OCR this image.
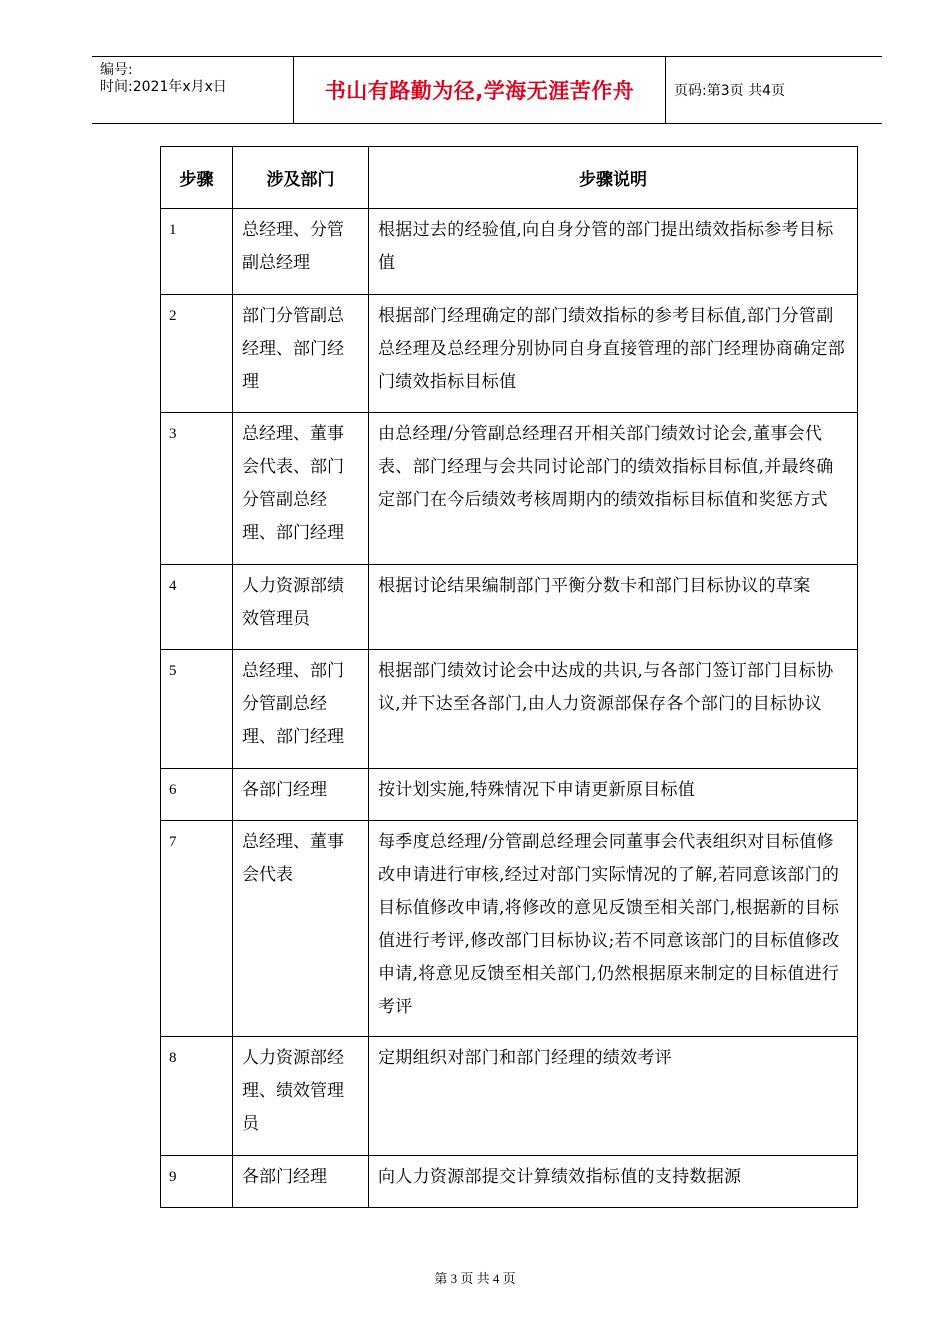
编号:
时间:2021年x月x日	书山有路勤为径,学海无涯苦作舟	页码:第3页 共4页
步骤	涉及部门	步骤说明
1	总经理、分管副总经理	根据过去的经验值,向自身分管的部门提出绩效指标参考目标值
2	部门分管副总经理、部门经理	根据部门经理确定的部门绩效指标的参考目标值,部门分管副总经理及总经理分别协同自身直接管理的部门经理协商确定部门绩效指标目标值
3	总经理、董事会代表、部门分管副总经理、部门经理	由总经理/分管副总经理召开相关部门绩效讨论会,董事会代表、部门经理与会共同讨论部门的绩效指标目标值,并最终确定部门在今后绩效考核周期内的绩效指标目标值和奖惩方式
4	人力资源部绩效管理员	根据讨论结果编制部门平衡分数卡和部门目标协议的草案
5	总经理、部门分管副总经理、部门经理	根据部门绩效讨论会中达成的共识,与各部门签订部门目标协议,并下达至各部门,由人力资源部保存各个部门的目标协议
6	各部门经理	按计划实施,特殊情况下申请更新原目标值
7	总经理、董事会代表	每季度总经理/分管副总经理会同董事会代表组织对目标值修改申请进行审核,经过对部门实际情况的了解,若同意该部门的目标值修改申请,将修改的意见反馈至相关部门,根据新的目标值进行考评,修改部门目标协议;若不同意该部门的目标值修改申请,将意见反馈至相关部门,仍然根据原来制定的目标值进行考评
8	人力资源部经理、绩效管理员	定期组织对部门和部门经理的绩效考评
9	各部门经理	向人力资源部提交计算绩效指标值的支持数据源
第 3 页 共 4 页
